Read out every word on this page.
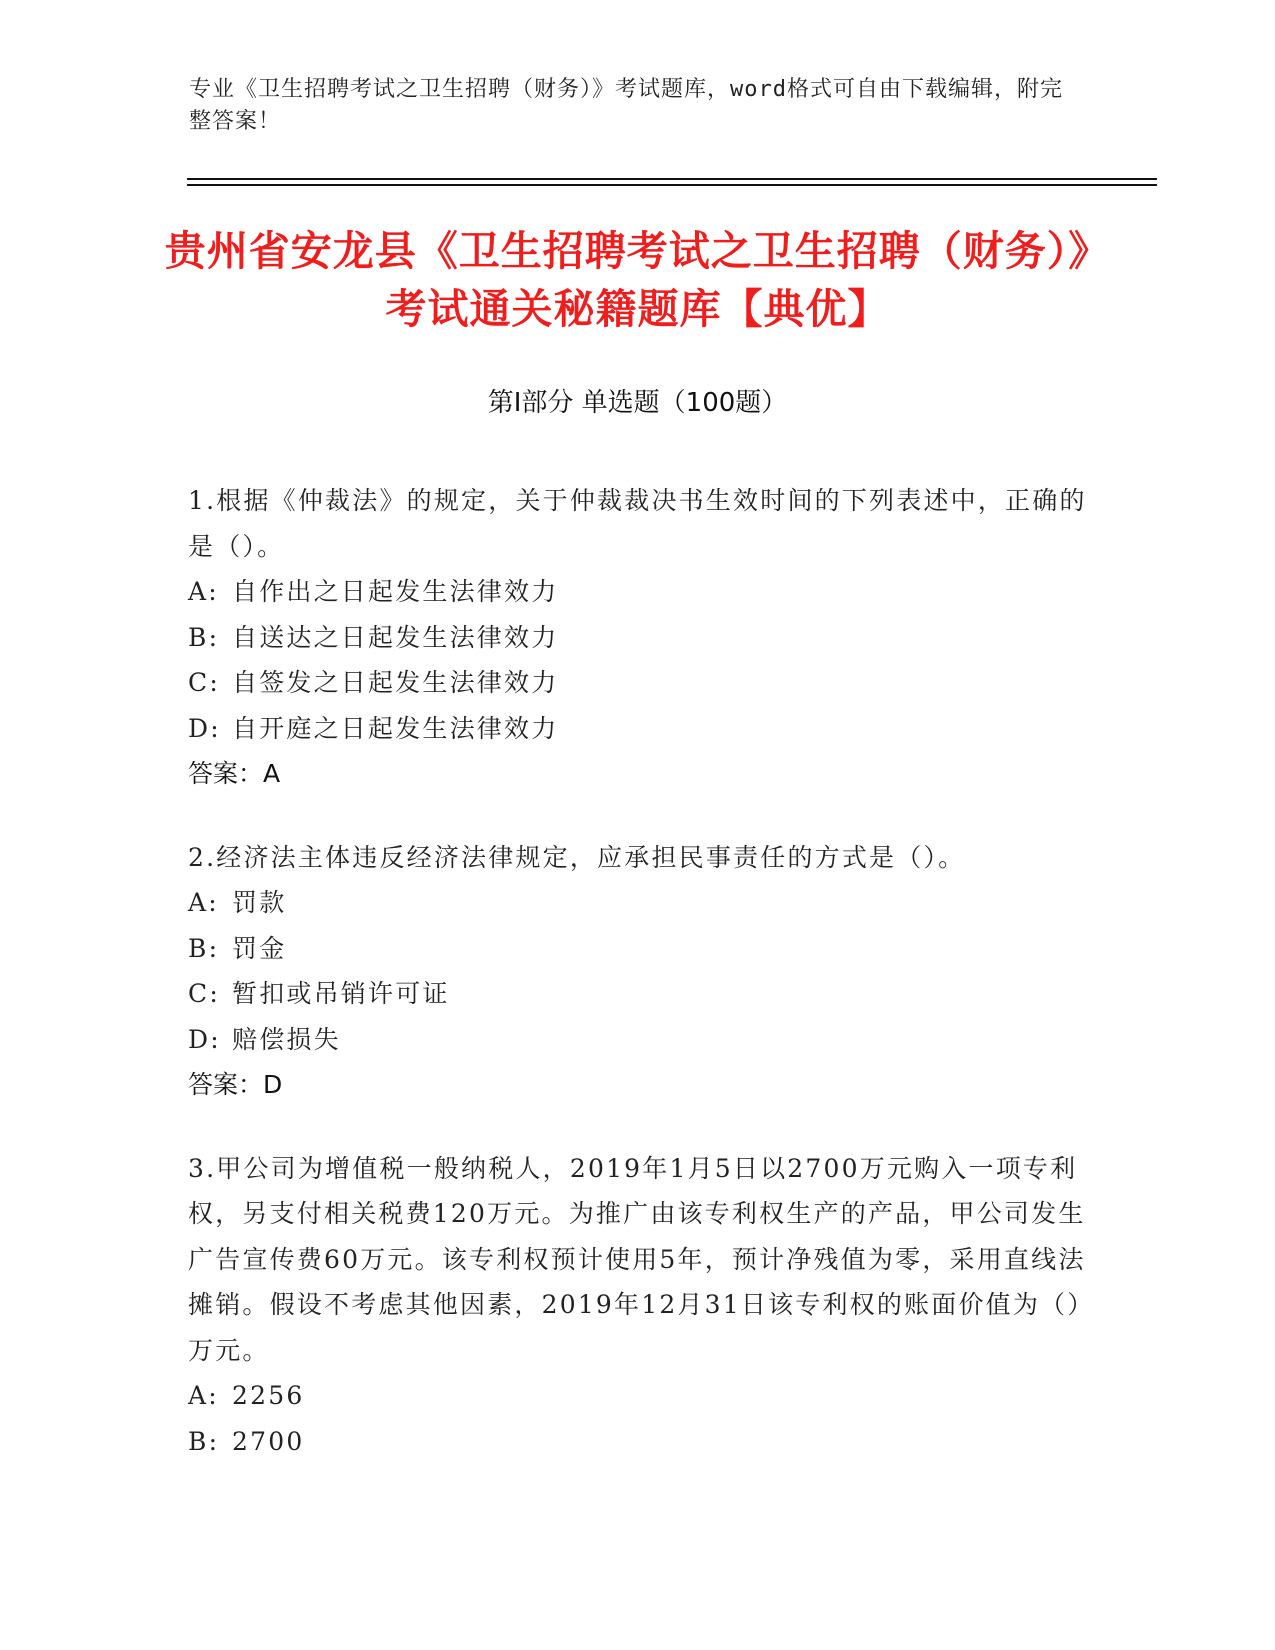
专业《卫生招聘考试之卫生招聘（财务）》考试题库，word格式可自由下载编辑，附完整答案！
贵州省安龙县《卫生招聘考试之卫生招聘（财务）》考试通关秘籍题库【典优】
第I部分 单选题（100题）
1.根据《仲裁法》的规定，关于仲裁裁决书生效时间的下列表述中，正确的是（）。
A: 自作出之日起发生法律效力
B: 自送达之日起发生法律效力
C: 自签发之日起发生法律效力
D: 自开庭之日起发生法律效力
答案：A
2.经济法主体违反经济法律规定，应承担民事责任的方式是（）。
A: 罚款
B: 罚金
C: 暂扣或吊销许可证
D: 赔偿损失
答案：D
3.甲公司为增值税一般纳税人，2019年1月5日以2700万元购入一项专利权，另支付相关税费120万元。为推广由该专利权生产的产品，甲公司发生广告宣传费60万元。该专利权预计使用5年，预计净残值为零，采用直线法摊销。假设不考虑其他因素，2019年12月31日该专利权的账面价值为（）万元。
A: 2256
B: 2700
